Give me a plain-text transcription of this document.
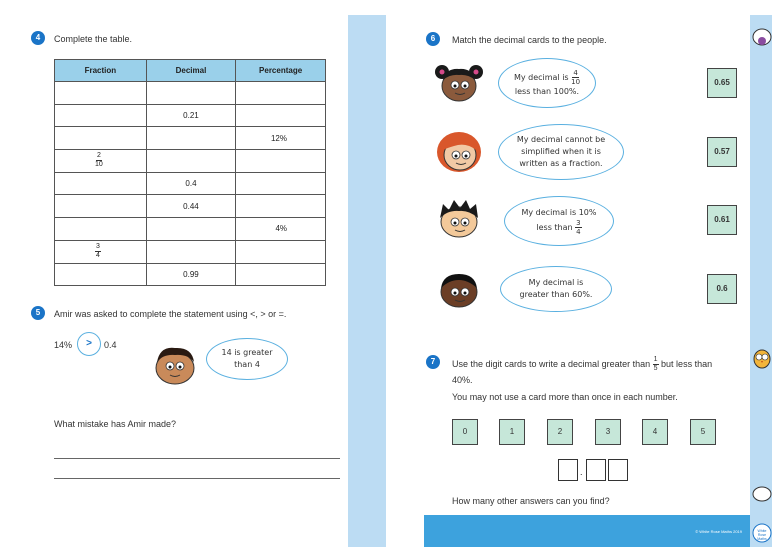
4	Complete the table.
Fraction	Decimal	Percentage

	0.21	
		12%

$\frac{2}{10}$

	0.4	
	0.44	
		4%

$\frac{3}{4}$

	0.99	
5	Amir was asked to complete the statement using <, > or =.
14%	>	0.4
14 is greater than 4
What mistake has Amir made?
6	Match the decimal cards to the people.
My decimal is $\frac{4}{10}$
less than 100%.
My decimal cannot be simplified when it is written as a fraction.
My decimal is 10% less than $\frac{3}{4}$
My decimal is greater than 60%.
0.65
0.57
0.61
0.6
7	Use the digit cards to write a decimal greater than $\frac{1}{5}$ but less than 40%.
You may not use a card more than once in each number.
0	1	2	3	4	5
.
How many other answers can you find?
© White Rose Maths 2019	White
Rose
Maths
